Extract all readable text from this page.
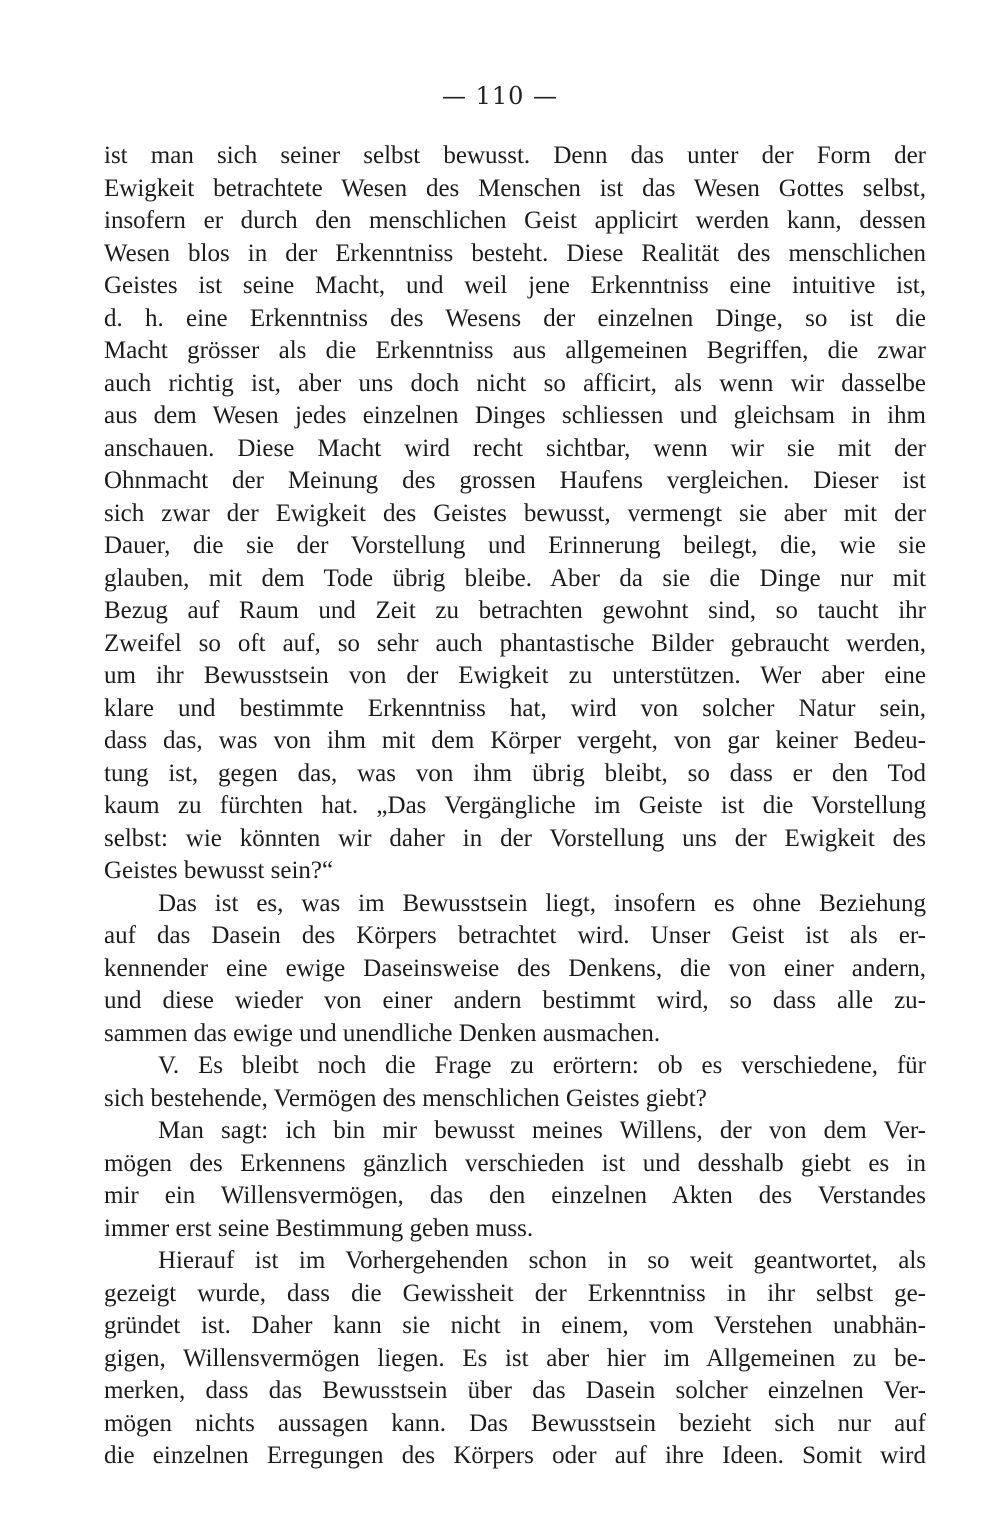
— 110 —
ist man sich seiner selbst bewusst. Denn das unter der Form der
Ewigkeit betrachtete Wesen des Menschen ist das Wesen Gottes selbst,
insofern er durch den menschlichen Geist applicirt werden kann, dessen
Wesen blos in der Erkenntniss besteht. Diese Realität des menschlichen
Geistes ist seine Macht, und weil jene Erkenntniss eine intuitive ist,
d. h. eine Erkenntniss des Wesens der einzelnen Dinge, so ist die
Macht grösser als die Erkenntniss aus allgemeinen Begriffen, die zwar
auch richtig ist, aber uns doch nicht so afficirt, als wenn wir dasselbe
aus dem Wesen jedes einzelnen Dinges schliessen und gleichsam in ihm
anschauen. Diese Macht wird recht sichtbar, wenn wir sie mit der
Ohnmacht der Meinung des grossen Haufens vergleichen. Dieser ist
sich zwar der Ewigkeit des Geistes bewusst, vermengt sie aber mit der
Dauer, die sie der Vorstellung und Erinnerung beilegt, die, wie sie
glauben, mit dem Tode übrig bleibe. Aber da sie die Dinge nur mit
Bezug auf Raum und Zeit zu betrachten gewohnt sind, so taucht ihr
Zweifel so oft auf, so sehr auch phantastische Bilder gebraucht werden,
um ihr Bewusstsein von der Ewigkeit zu unterstützen. Wer aber eine
klare und bestimmte Erkenntniss hat, wird von solcher Natur sein,
dass das, was von ihm mit dem Körper vergeht, von gar keiner Bedeu-
tung ist, gegen das, was von ihm übrig bleibt, so dass er den Tod
kaum zu fürchten hat. „Das Vergängliche im Geiste ist die Vorstellung
selbst: wie könnten wir daher in der Vorstellung uns der Ewigkeit des
Geistes bewusst sein?“
Das ist es, was im Bewusstsein liegt, insofern es ohne Beziehung
auf das Dasein des Körpers betrachtet wird. Unser Geist ist als er-
kennender eine ewige Daseinsweise des Denkens, die von einer andern,
und diese wieder von einer andern bestimmt wird, so dass alle zu-
sammen das ewige und unendliche Denken ausmachen.
V. Es bleibt noch die Frage zu erörtern: ob es verschiedene, für
sich bestehende, Vermögen des menschlichen Geistes giebt?
Man sagt: ich bin mir bewusst meines Willens, der von dem Ver-
mögen des Erkennens gänzlich verschieden ist und desshalb giebt es in
mir ein Willensvermögen, das den einzelnen Akten des Verstandes
immer erst seine Bestimmung geben muss.
Hierauf ist im Vorhergehenden schon in so weit geantwortet, als
gezeigt wurde, dass die Gewissheit der Erkenntniss in ihr selbst ge-
gründet ist. Daher kann sie nicht in einem, vom Verstehen unabhän-
gigen, Willensvermögen liegen. Es ist aber hier im Allgemeinen zu be-
merken, dass das Bewusstsein über das Dasein solcher einzelnen Ver-
mögen nichts aussagen kann. Das Bewusstsein bezieht sich nur auf
die einzelnen Erregungen des Körpers oder auf ihre Ideen. Somit wird
